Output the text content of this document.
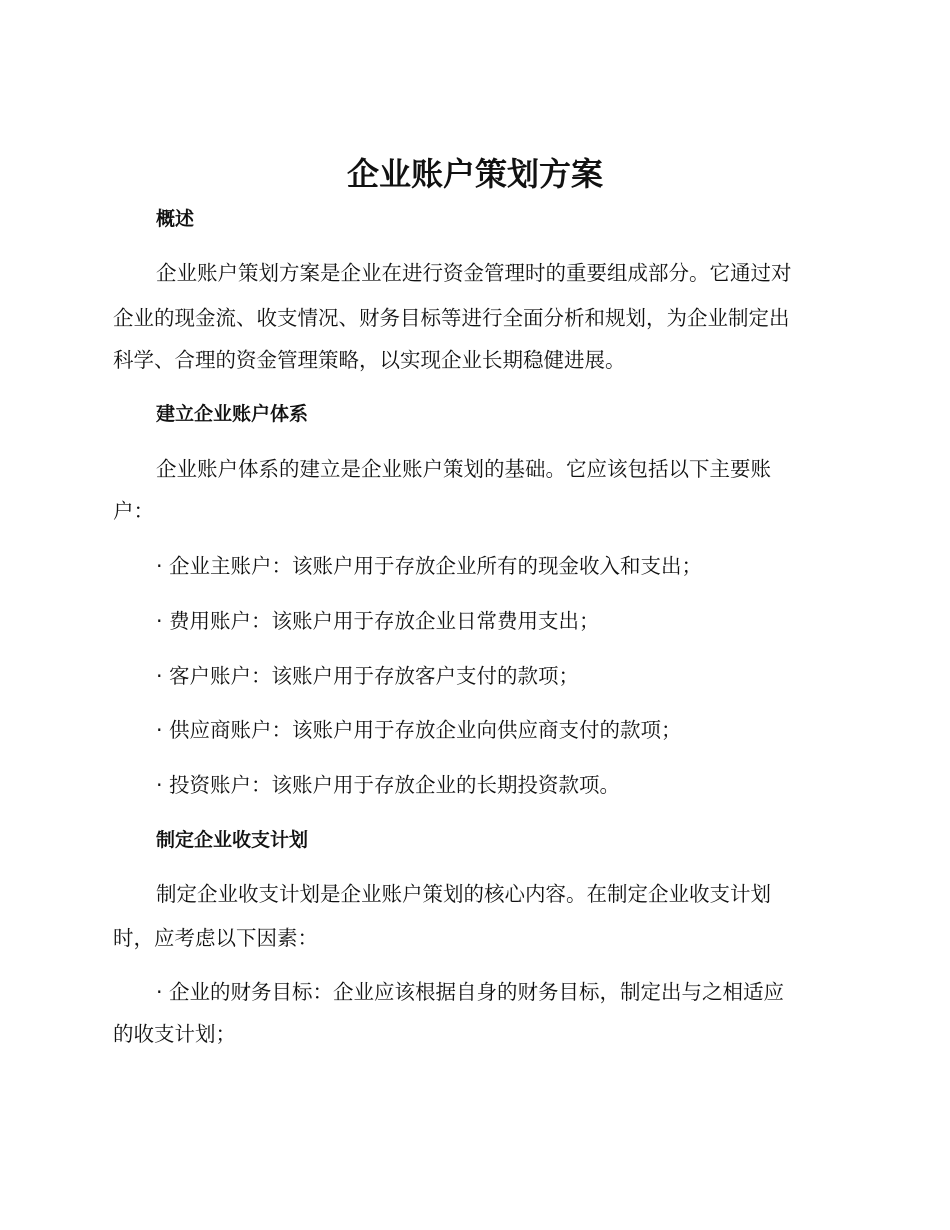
企业账户策划方案
概述

企业账户策划方案是企业在进行资金管理时的重要组成部分。它通过对

企业的现金流、收支情况、财务目标等进行全面分析和规划，为企业制定出

科学、合理的资金管理策略，以实现企业长期稳健进展。

建立企业账户体系

企业账户体系的建立是企业账户策划的基础。它应该包括以下主要账

户：

· 企业主账户：该账户用于存放企业所有的现金收入和支出；

· 费用账户：该账户用于存放企业日常费用支出；

· 客户账户：该账户用于存放客户支付的款项；

· 供应商账户：该账户用于存放企业向供应商支付的款项；

· 投资账户：该账户用于存放企业的长期投资款项。

制定企业收支计划

制定企业收支计划是企业账户策划的核心内容。在制定企业收支计划

时，应考虑以下因素：

· 企业的财务目标：企业应该根据自身的财务目标，制定出与之相适应

的收支计划；
